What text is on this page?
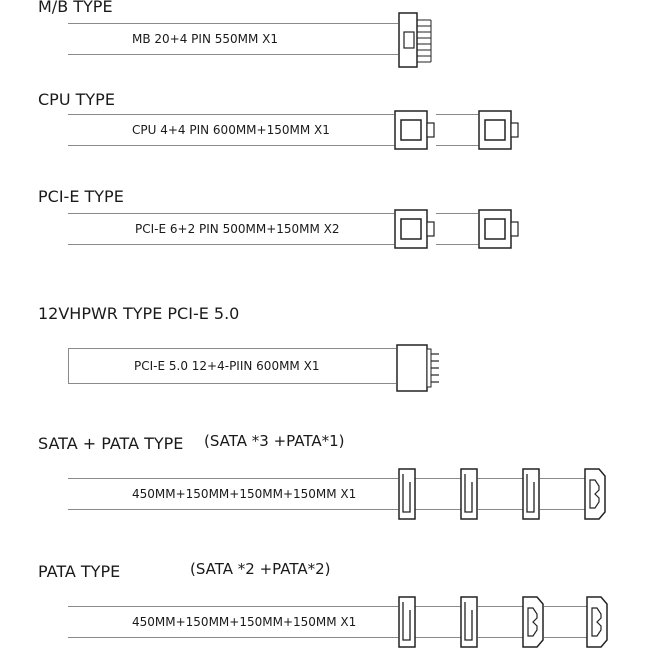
M/B TYPE
MB 20+4 PIN 550MM X1
CPU TYPE
CPU 4+4 PIN 600MM+150MM X1
PCI-E TYPE
PCI-E 6+2 PIN 500MM+150MM X2
12VHPWR TYPE PCI-E 5.0
PCI-E 5.0 12+4-PIIN 600MM X1
SATA + PATA TYPE (SATA *3 +PATA*1)
450MM+150MM+150MM+150MM X1
PATA TYPE	(SATA *2 +PATA*2)
450MM+150MM+150MM+150MM X1
